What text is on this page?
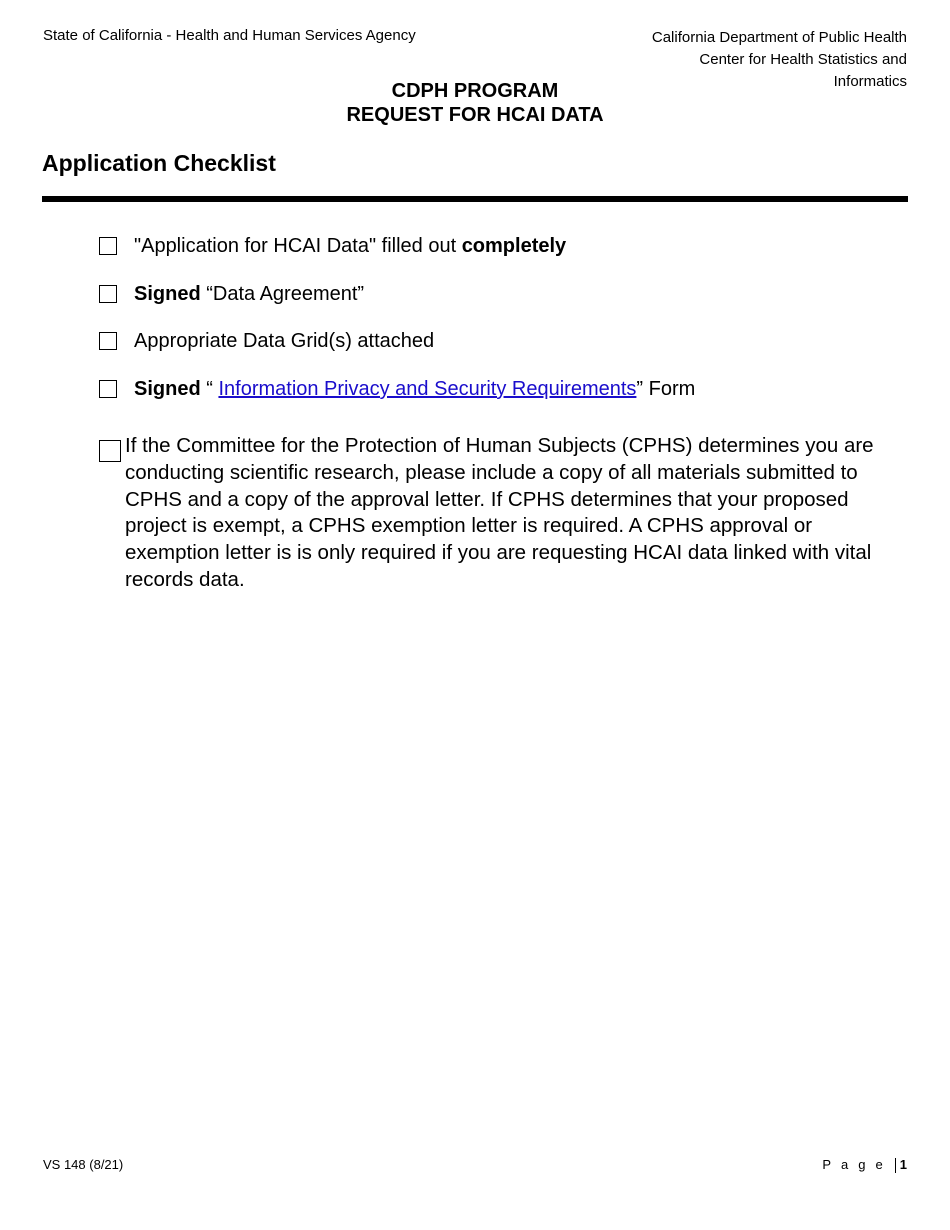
State of California - Health and Human Services Agency	California Department of Public Health
Center for Health Statistics and
Informatics
CDPH PROGRAM
REQUEST FOR HCAI DATA
Application Checklist
"Application for HCAI Data" filled out completely
Signed “Data Agreement”
Appropriate Data Grid(s) attached
Signed “ Information Privacy and Security Requirements” Form
If the Committee for the Protection of Human Subjects (CPHS) determines you are conducting scientific research, please include a copy of all materials submitted to CPHS and a copy of the approval letter. If CPHS determines that your proposed project is exempt, a CPHS exemption letter is required. A CPHS approval or exemption letter is is only required if you are requesting HCAI data linked with vital records data.
VS 148 (8/21)	Page 1
